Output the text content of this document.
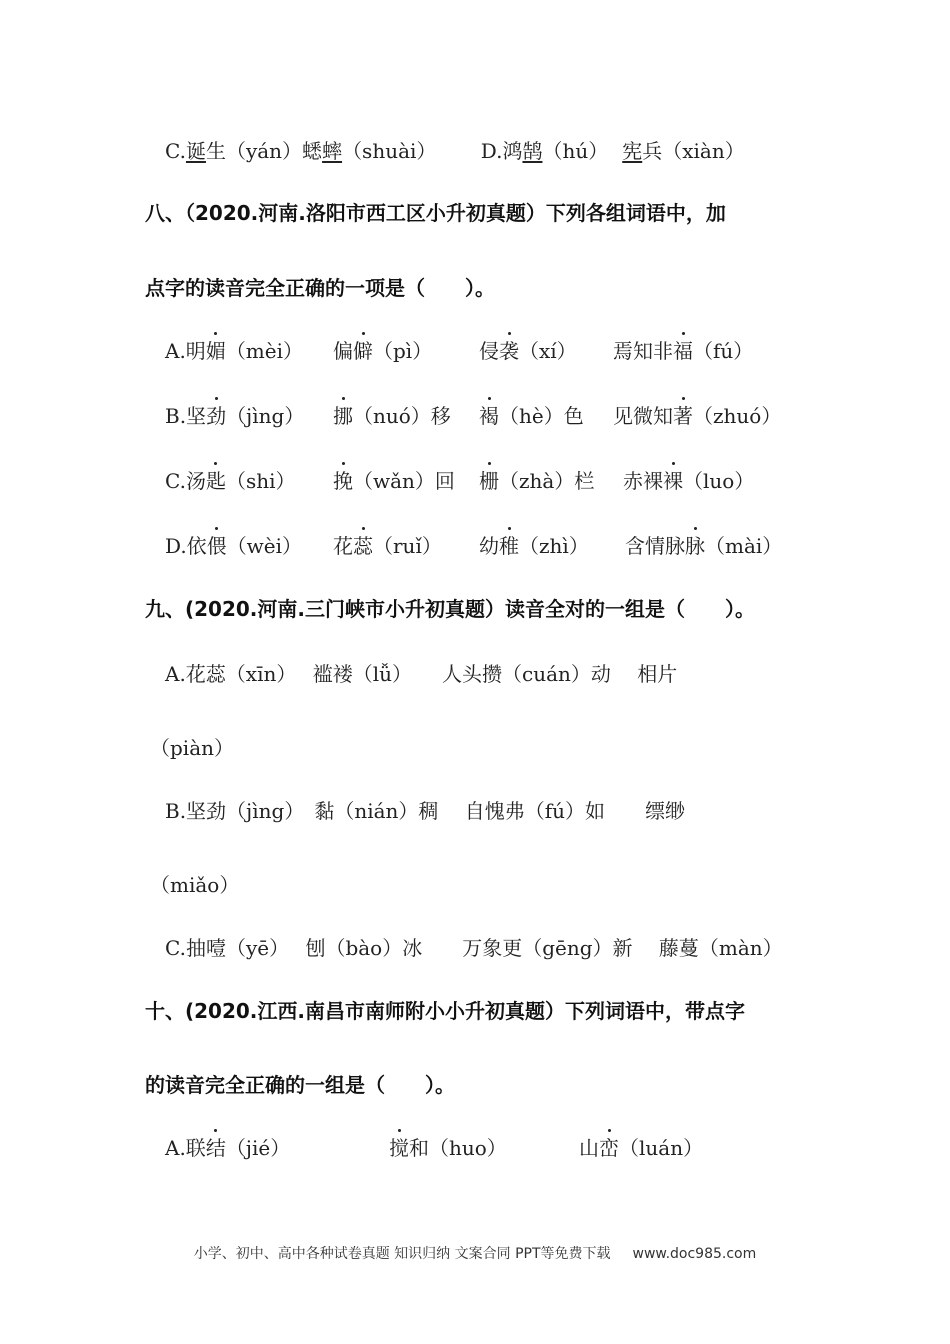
C.诞生（yán）蟋蟀（shuài） D.鸿鹄（hú） 宪兵（xiàn）
八、（2020.河南.洛阳市西工区小升初真题）下列各组词语中，加
点字的读音完全正确的一项是（　　）。
A.明媚（mèi） 偏僻（pì） 侵袭（xí） 焉知非福（fú）
B.坚劲（jìng） 挪（nuó）移 褐（hè）色 见微知著（zhuó）
C.汤匙（shi） 挽（wǎn）回 栅（zhà）栏 赤裸裸（luo）
D.依偎（wèi） 花蕊（ruǐ） 幼稚（zhì） 含情脉脉（mài）
九、(2020.河南.三门峡市小升初真题）读音全对的一组是（　　）。
A.花蕊（xīn）　 褴褛（lǚ）　　人头攒（cuán）动　 相片
（piàn）
B.坚劲（jìng）　黏（nián）稠　 自愧弗（fú）如　　缥缈
（miǎo）
C.抽噎（yē）　 刨（bào）冰　　万象更（gēng）新　 藤蔓（màn）
十、(2020.江西.南昌市南师附小小升初真题）下列词语中，带点字
的读音完全正确的一组是（　　）。
A.联结（jié）	搅和（huo）	山峦（luán）
小学、初中、高中各种试卷真题 知识归纳 文案合同 PPT等免费下载 www.doc985.com
